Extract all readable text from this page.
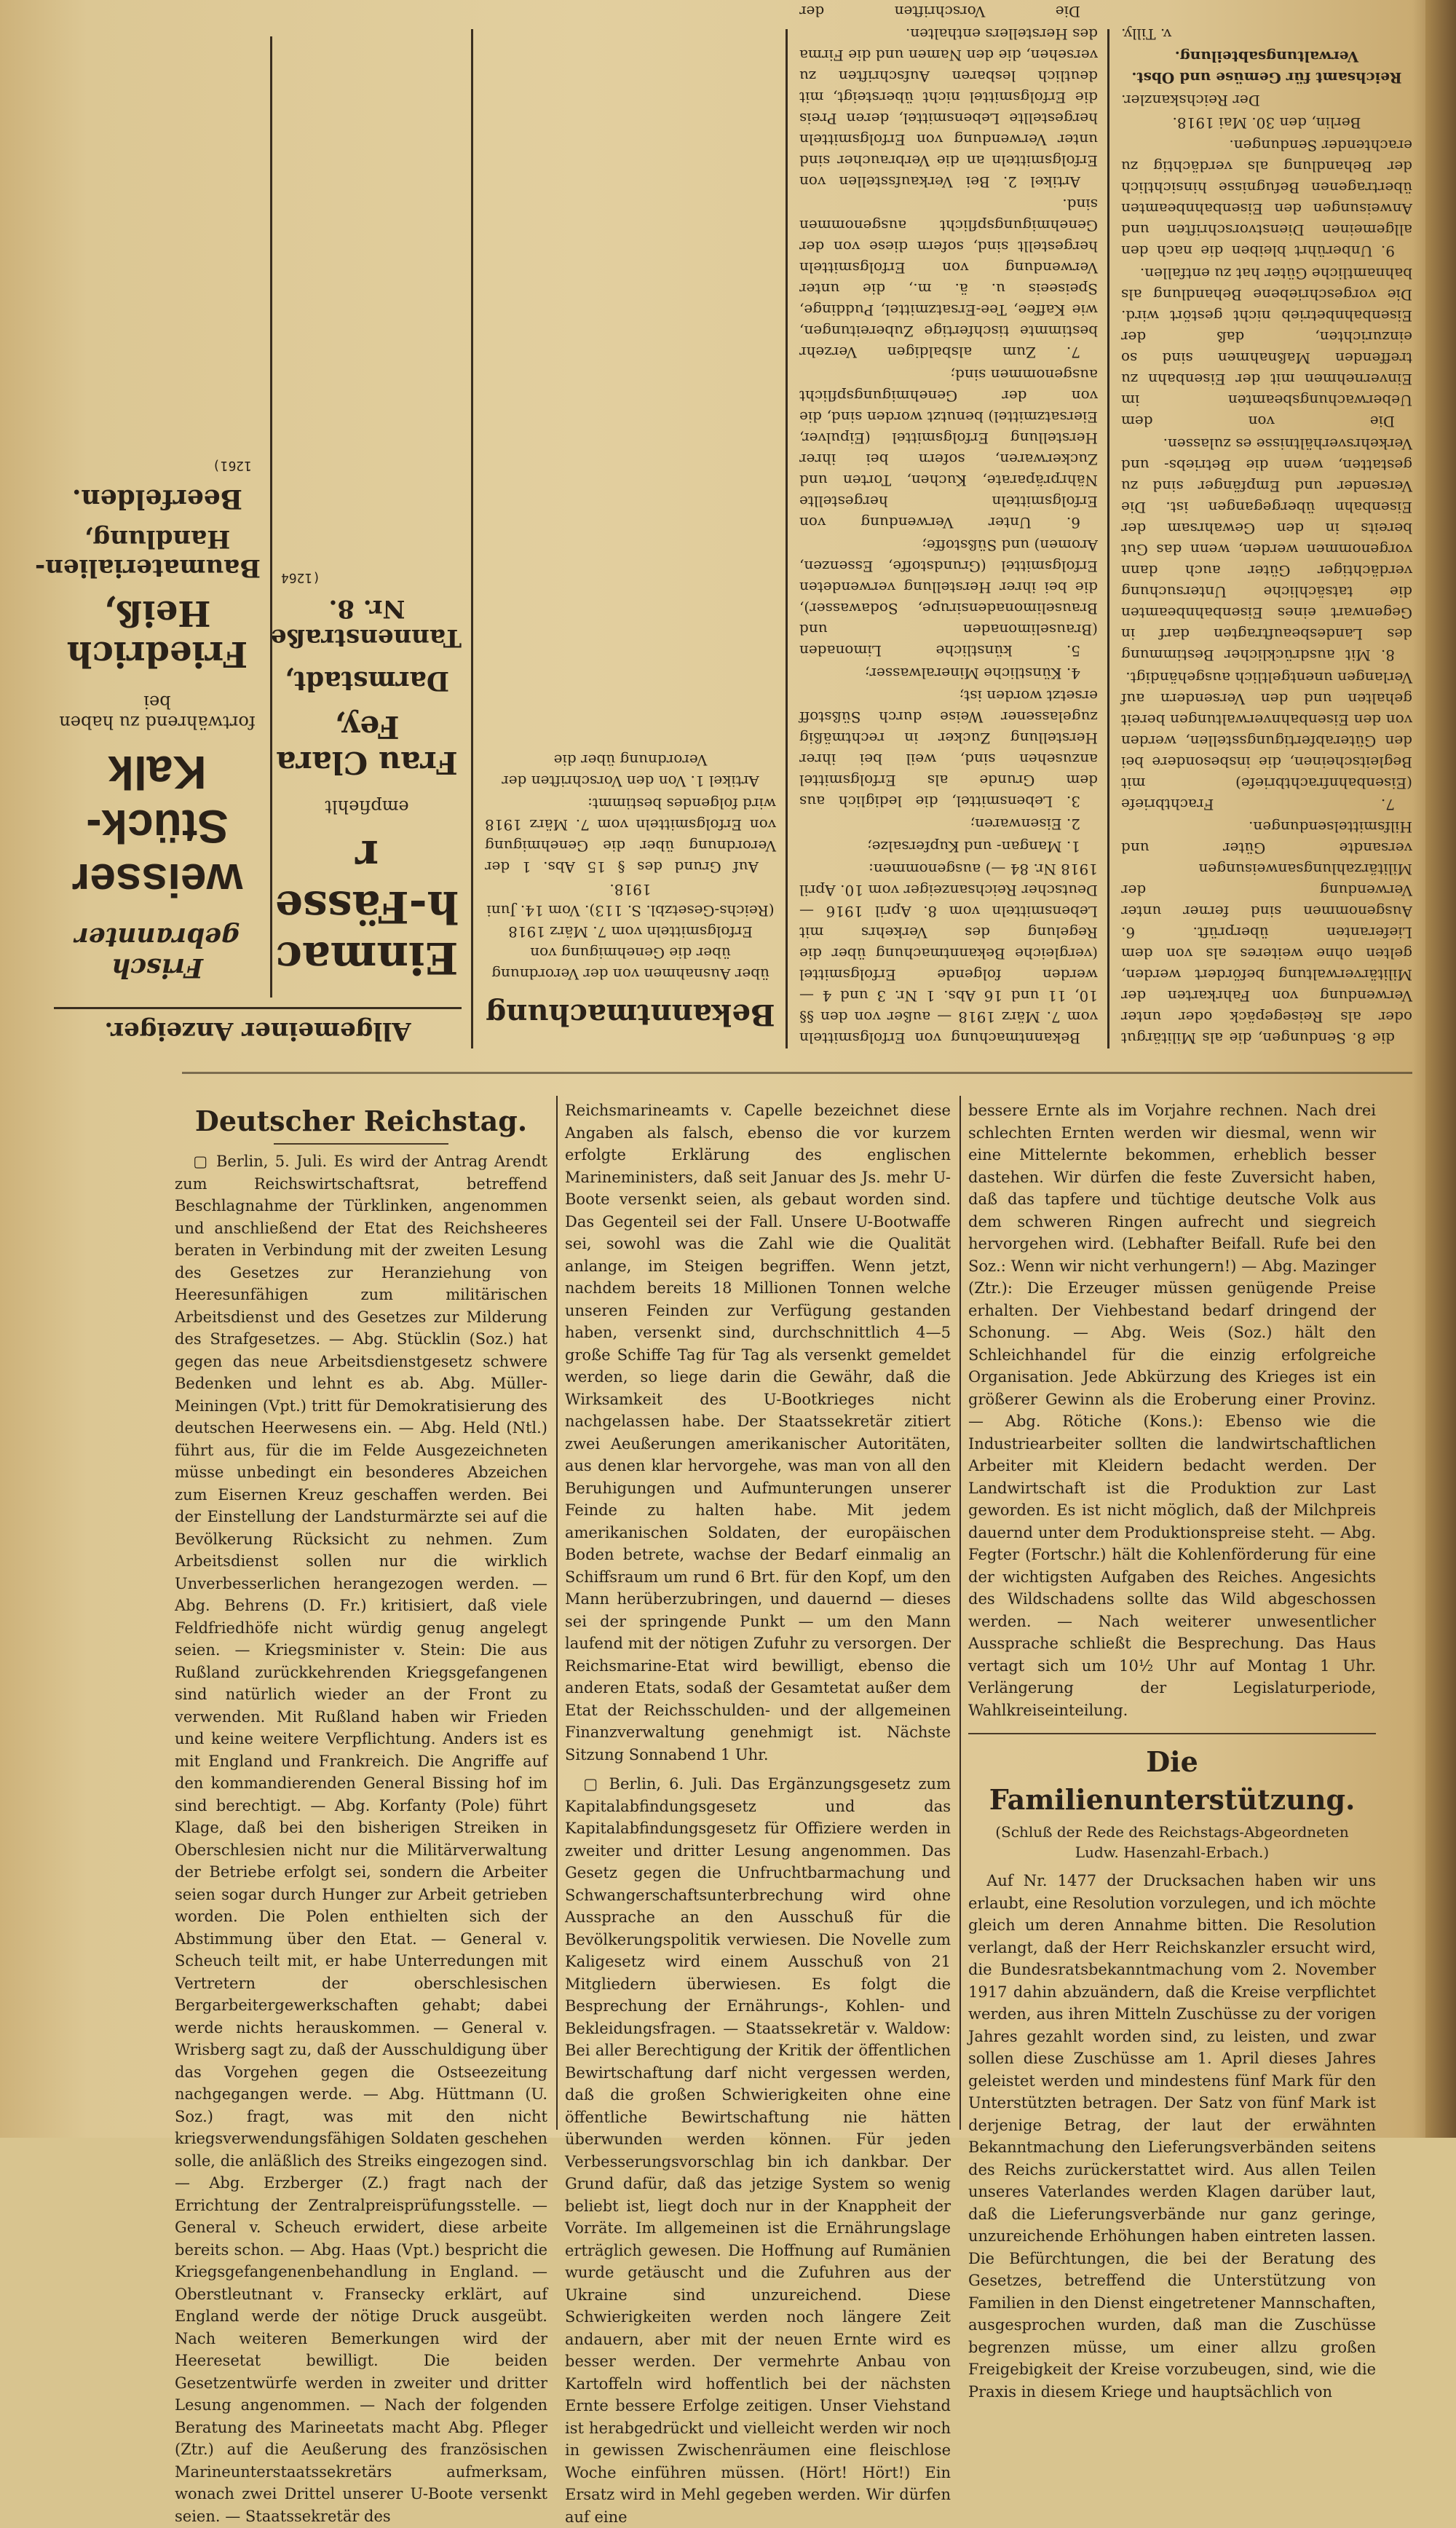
die 8. Sendungen, die als Militärgut oder als Reisegepäck oder unter Verwendung von Fahrkarten der Militärverwaltung befördert werden, gelten ohne weiteres als von dem Lieferanten überprüft. 6. Ausgenommen sind ferner unter Verwendung der Militärzahlungsanweisungen versandte Güter und Hilfsmittelsendungen.

7. Frachtbriefe (Eisenbahnfrachtbriefe) mit Begleitscheinen, die insbesondere bei den Güterabfertigungsstellen, werden von den Eisenbahnverwaltungen bereit gehalten und den Versendern auf Verlangen unentgeltlich ausgehändigt.

8. Mit ausdrücklicher Bestimmung des Landesbeauftragten darf in Gegenwart eines Eisenbahnbeamten die tatsächliche Untersuchung verdächtiger Güter auch dann vorgenommen werden, wenn das Gut bereits in den Gewahrsam der Eisenbahn übergegangen ist. Die Versender und Empfänger sind zu gestatten, wenn die Betriebs- und Verkehrsverhältnisse es zulassen.

Die von dem Ueberwachungsbeamten im Einvernehmen mit der Eisenbahn zu treffenden Maßnahmen sind so einzurichten, daß der Eisenbahnbetrieb nicht gestört wird. Die vorgeschriebene Behandlung als bahnamtliche Güter hat zu entfallen.

9. Unberührt bleiben die nach den allgemeinen Dienstvorschriften und Anweisungen den Eisenbahnbeamten übertragenen Befugnisse hinsichtlich der Behandlung als verdächtig zu erachtender Sendungen.

Berlin, den 30. Mai 1918.

Der Reichskanzler.

Reichsamt für Gemüse und Obst. Verwaltungsabteilung.

v. Tilly.

Bekanntmachung von Erfolgsmitteln vom 7. März 1918 — außer von den §§ 10, 11 und 16 Abs. 1 Nr. 3 und 4 — werden folgende Erfolgsmittel (vergleiche Bekanntmachung über die Regelung des Verkehrs mit Lebensmitteln vom 8. April 1916 — Deutscher Reichsanzeiger vom 10. April 1918 Nr. 84 —) ausgenommen:

1. Mangan- und Kupfersalze;

2. Eisenwaren;

3. Lebensmittel, die lediglich aus dem Grunde als Erfolgsmittel anzusehen sind, weil bei ihrer Herstellung Zucker in rechtmäßig zugelassener Weise durch Süßstoff ersetzt worden ist;

4. Künstliche Mineralwasser;

5. künstliche Limonaden (Brauselimonaden und Brauselimonadensirupe, Sodawasser), die bei ihrer Herstellung verwendeten Erfolgsmittel (Grundstoffe, Essenzen, Aromen) und Süßstoffe;

6. Unter Verwendung von Erfolgsmitteln hergestellte Nährpräparate, Kuchen, Torten und Zuckerwaren, sofern bei ihrer Herstellung Erfolgsmittel (Eipulver, Eiersatzmittel) benutzt worden sind, die von der Genehmigungspflicht ausgenommen sind;

7. Zum alsbaldigen Verzehr bestimmte tischfertige Zubereitungen, wie Kaffee, Tee-Ersatzmittel, Puddinge, Speiseeis u. ä. m., die unter Verwendung von Erfolgsmitteln hergestellt sind, sofern diese von der Genehmigungspflicht ausgenommen sind.

Artikel 2. Bei Verkaufsstellen von Erfolgsmitteln an die Verbraucher sind unter Verwendung von Erfolgsmitteln hergestellte Lebensmittel, deren Preis die Erfolgsmittel nicht übersteigt, mit deutlich lesbaren Aufschriften zu versehen, die den Namen und die Firma des Herstellers enthalten.

Die Vorschriften der

Bekanntmachung

über Ausnahmen von der Verordnung über die Genehmigung von Erfolgsmitteln vom 7. März 1918 (Reichs-Gesetzbl. S. 113). Vom 14. Juni 1918.

Auf Grund des § 15 Abs. 1 der Verordnung über die Genehmigung von Erfolgsmitteln vom 7. März 1918 wird folgendes bestimmt:

Artikel 1. Von den Vorschriften der Verordnung über die

Allgemeiner Anzeiger.
Einmach-Fässer
empfiehlt
Frau Clara Fey,
Darmstadt,
Tannenstraße Nr. 8.
(1264
Frisch gebrannter
weisser Stück-Kalk
fortwährend zu haben bei
Friedrich Heiß,
Baumaterialien-Handlung,
Beerfelden.
1261)
Deutscher Reichstag.

▢ Berlin, 5. Juli. Es wird der Antrag Arendt zum Reichswirtschaftsrat, betreffend Beschlagnahme der Türklinken, angenommen und anschließend der Etat des Reichsheeres beraten in Verbindung mit der zweiten Lesung des Gesetzes zur Heranziehung von Heeresunfähigen zum militärischen Arbeitsdienst und des Gesetzes zur Milderung des Strafgesetzes. — Abg. Stücklin (Soz.) hat gegen das neue Arbeitsdienstgesetz schwere Bedenken und lehnt es ab. Abg. Müller-Meiningen (Vpt.) tritt für Demokratisierung des deutschen Heerwesens ein. — Abg. Held (Ntl.) führt aus, für die im Felde Ausgezeichneten müsse unbedingt ein besonderes Abzeichen zum Eisernen Kreuz geschaffen werden. Bei der Einstellung der Landsturmärzte sei auf die Bevölkerung Rücksicht zu nehmen. Zum Arbeitsdienst sollen nur die wirklich Unverbesserlichen herangezogen werden. — Abg. Behrens (D. Fr.) kritisiert, daß viele Feldfriedhöfe nicht würdig genug angelegt seien. — Kriegsminister v. Stein: Die aus Rußland zurückkehrenden Kriegsgefangenen sind natürlich wieder an der Front zu verwenden. Mit Rußland haben wir Frieden und keine weitere Verpflichtung. Anders ist es mit England und Frankreich. Die Angriffe auf den kommandierenden General Bissing hof im sind berechtigt. — Abg. Korfanty (Pole) führt Klage, daß bei den bisherigen Streiken in Oberschlesien nicht nur die Militärverwaltung der Betriebe erfolgt sei, sondern die Arbeiter seien sogar durch Hunger zur Arbeit getrieben worden. Die Polen enthielten sich der Abstimmung über den Etat. — General v. Scheuch teilt mit, er habe Unterredungen mit Vertretern der oberschlesischen Bergarbeitergewerkschaften gehabt; dabei werde nichts herauskommen. — General v. Wrisberg sagt zu, daß der Ausschuldigung über das Vorgehen gegen die Ostseezeitung nachgegangen werde. — Abg. Hüttmann (U. Soz.) fragt, was mit den nicht kriegsverwendungsfähigen Soldaten geschehen solle, die anläßlich des Streiks eingezogen sind. — Abg. Erzberger (Z.) fragt nach der Errichtung der Zentralpreisprüfungsstelle. — General v. Scheuch erwidert, diese arbeite bereits schon. — Abg. Haas (Vpt.) bespricht die Kriegsgefangenenbehandlung in England. — Oberstleutnant v. Fransecky erklärt, auf England werde der nötige Druck ausgeübt. Nach weiteren Bemerkungen wird der Heeresetat bewilligt. Die beiden Gesetzentwürfe werden in zweiter und dritter Lesung angenommen. — Nach der folgenden Beratung des Marineetats macht Abg. Pfleger (Ztr.) auf die Aeußerung des französischen Marineunterstaatssekretärs aufmerksam, wonach zwei Drittel unserer U-Boote versenkt seien. — Staatssekretär des

Reichsmarineamts v. Capelle bezeichnet diese Angaben als falsch, ebenso die vor kurzem erfolgte Erklärung des englischen Marineministers, daß seit Januar des Js. mehr U-Boote versenkt seien, als gebaut worden sind. Das Gegenteil sei der Fall. Unsere U-Bootwaffe sei, sowohl was die Zahl wie die Qualität anlange, im Steigen begriffen. Wenn jetzt, nachdem bereits 18 Millionen Tonnen welche unseren Feinden zur Verfügung gestanden haben, versenkt sind, durchschnittlich 4—5 große Schiffe Tag für Tag als versenkt gemeldet werden, so liege darin die Gewähr, daß die Wirksamkeit des U-Bootkrieges nicht nachgelassen habe. Der Staatssekretär zitiert zwei Aeußerungen amerikanischer Autoritäten, aus denen klar hervorgehe, was man von all den Beruhigungen und Aufmunterungen unserer Feinde zu halten habe. Mit jedem amerikanischen Soldaten, der europäischen Boden betrete, wachse der Bedarf einmalig an Schiffsraum um rund 6 Brt. für den Kopf, um den Mann herüberzubringen, und dauernd — dieses sei der springende Punkt — um den Mann laufend mit der nötigen Zufuhr zu versorgen. Der Reichsmarine-Etat wird bewilligt, ebenso die anderen Etats, sodaß der Gesamtetat außer dem Etat der Reichsschulden- und der allgemeinen Finanzverwaltung genehmigt ist. Nächste Sitzung Sonnabend 1 Uhr.

▢ Berlin, 6. Juli. Das Ergänzungsgesetz zum Kapitalabfindungsgesetz und das Kapitalabfindungsgesetz für Offiziere werden in zweiter und dritter Lesung angenommen. Das Gesetz gegen die Unfruchtbarmachung und Schwangerschaftsunterbrechung wird ohne Aussprache an den Ausschuß für die Bevölkerungspolitik verwiesen. Die Novelle zum Kaligesetz wird einem Ausschuß von 21 Mitgliedern überwiesen. Es folgt die Besprechung der Ernährungs-, Kohlen- und Bekleidungsfragen. — Staatssekretär v. Waldow: Bei aller Berechtigung der Kritik der öffentlichen Bewirtschaftung darf nicht vergessen werden, daß die großen Schwierigkeiten ohne eine öffentliche Bewirtschaftung nie hätten überwunden werden können. Für jeden Verbesserungsvorschlag bin ich dankbar. Der Grund dafür, daß das jetzige System so wenig beliebt ist, liegt doch nur in der Knappheit der Vorräte. Im allgemeinen ist die Ernährungslage erträglich gewesen. Die Hoffnung auf Rumänien wurde getäuscht und die Zufuhren aus der Ukraine sind unzureichend. Diese Schwierigkeiten werden noch längere Zeit andauern, aber mit der neuen Ernte wird es besser werden. Der vermehrte Anbau von Kartoffeln wird hoffentlich bei der nächsten Ernte bessere Erfolge zeitigen. Unser Viehstand ist herabgedrückt und vielleicht werden wir noch in gewissen Zwischenräumen eine fleischlose Woche einführen müssen. (Hört! Hört!) Ein Ersatz wird in Mehl gegeben werden. Wir dürfen auf eine

bessere Ernte als im Vorjahre rechnen. Nach drei schlechten Ernten werden wir diesmal, wenn wir eine Mittelernte bekommen, erheblich besser dastehen. Wir dürfen die feste Zuversicht haben, daß das tapfere und tüchtige deutsche Volk aus dem schweren Ringen aufrecht und siegreich hervorgehen wird. (Lebhafter Beifall. Rufe bei den Soz.: Wenn wir nicht verhungern!) — Abg. Mazinger (Ztr.): Die Erzeuger müssen genügende Preise erhalten. Der Viehbestand bedarf dringend der Schonung. — Abg. Weis (Soz.) hält den Schleichhandel für die einzig erfolgreiche Organisation. Jede Abkürzung des Krieges ist ein größerer Gewinn als die Eroberung einer Provinz. — Abg. Rötiche (Kons.): Ebenso wie die Industriearbeiter sollten die landwirtschaftlichen Arbeiter mit Kleidern bedacht werden. Der Landwirtschaft ist die Produktion zur Last geworden. Es ist nicht möglich, daß der Milchpreis dauernd unter dem Produktionspreise steht. — Abg. Fegter (Fortschr.) hält die Kohlenförderung für eine der wichtigsten Aufgaben des Reiches. Angesichts des Wildschadens sollte das Wild abgeschossen werden. — Nach weiterer unwesentlicher Aussprache schließt die Besprechung. Das Haus vertagt sich um 10½ Uhr auf Montag 1 Uhr. Verlängerung der Legislaturperiode, Wahlkreiseinteilung.

Die Familienunterstützung.
(Schluß der Rede des Reichstags-Abgeordneten Ludw. Hasenzahl-Erbach.)

Auf Nr. 1477 der Drucksachen haben wir uns erlaubt, eine Resolution vorzulegen, und ich möchte gleich um deren Annahme bitten. Die Resolution verlangt, daß der Herr Reichskanzler ersucht wird, die Bundesratsbekanntmachung vom 2. November 1917 dahin abzuändern, daß die Kreise verpflichtet werden, aus ihren Mitteln Zuschüsse zu der vorigen Jahres gezahlt worden sind, zu leisten, und zwar sollen diese Zuschüsse am 1. April dieses Jahres geleistet werden und mindestens fünf Mark für den Unterstützten betragen. Der Satz von fünf Mark ist derjenige Betrag, der laut der erwähnten Bekanntmachung den Lieferungsverbänden seitens des Reichs zurückerstattet wird. Aus allen Teilen unseres Vaterlandes werden Klagen darüber laut, daß die Lieferungsverbände nur ganz geringe, unzureichende Erhöhungen haben eintreten lassen. Die Befürchtungen, die bei der Beratung des Gesetzes, betreffend die Unterstützung von Familien in den Dienst eingetretener Mannschaften, ausgesprochen wurden, daß man die Zuschüsse begrenzen müsse, um einer allzu großen Freigebigkeit der Kreise vorzubeugen, sind, wie die Praxis in diesem Kriege und hauptsächlich von
